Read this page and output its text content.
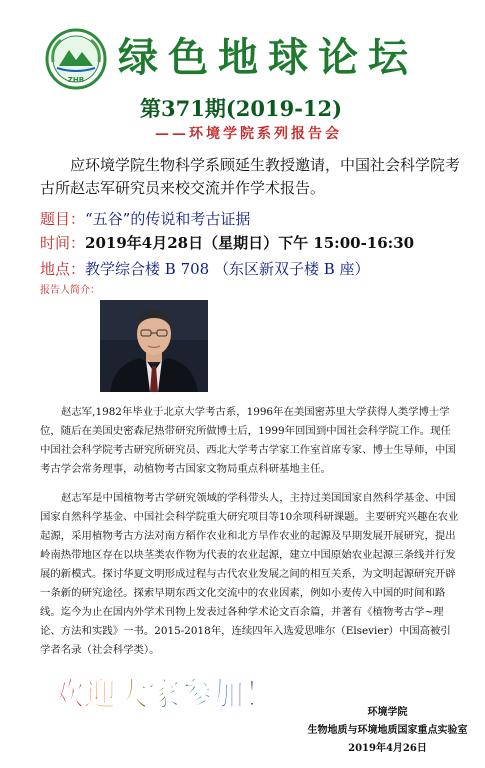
ZHB 绿色地球论坛
第371期(2019-12)
——环境学院系列报告会

应环境学院生物科学系顾延生教授邀请，中国社会科学院考古所赵志军研究员来校交流并作学术报告。

题目：“五谷”的传说和考古证据
时间：2019年4月28日（星期日）下午 15:00-16:30
地点：教学综合楼 B 708 （东区新双子楼 B 座）
报告人简介：

赵志军,1982年毕业于北京大学考古系，1996年在美国密苏里大学获得人类学博士学位，随后在美国史密森尼热带研究所做博士后，1999年回国到中国社会科学院工作。现任中国社会科学院考古研究所研究员、西北大学考古学家工作室首席专家、博士生导师，中国考古学会常务理事，动植物考古国家文物局重点科研基地主任。

赵志军是中国植物考古学研究领域的学科带头人，主持过美国国家自然科学基金、中国国家自然科学基金、中国社会科学院重大研究项目等10余项科研课题。主要研究兴趣在农业起源，采用植物考古方法对南方稻作农业和北方旱作农业的起源及早期发展开展研究，提出岭南热带地区存在以块茎类农作物为代表的农业起源，建立中国原始农业起源三条线并行发展的新模式。探讨华夏文明形成过程与古代农业发展之间的相互关系，为文明起源研究开辟一条新的研究途径。探索早期东西文化交流中的农业因素，例如小麦传入中国的时间和路线。迄今为止在国内外学术刊物上发表过各种学术论文百余篇，并著有《植物考古学~理论、方法和实践》一书。2015-2018年，连续四年入选爱思唯尔（Elsevier）中国高被引学者名录（社会科学类）。

欢迎大家参加！	环境学院
生物地质与环境地质国家重点实验室
2019年4月26日
